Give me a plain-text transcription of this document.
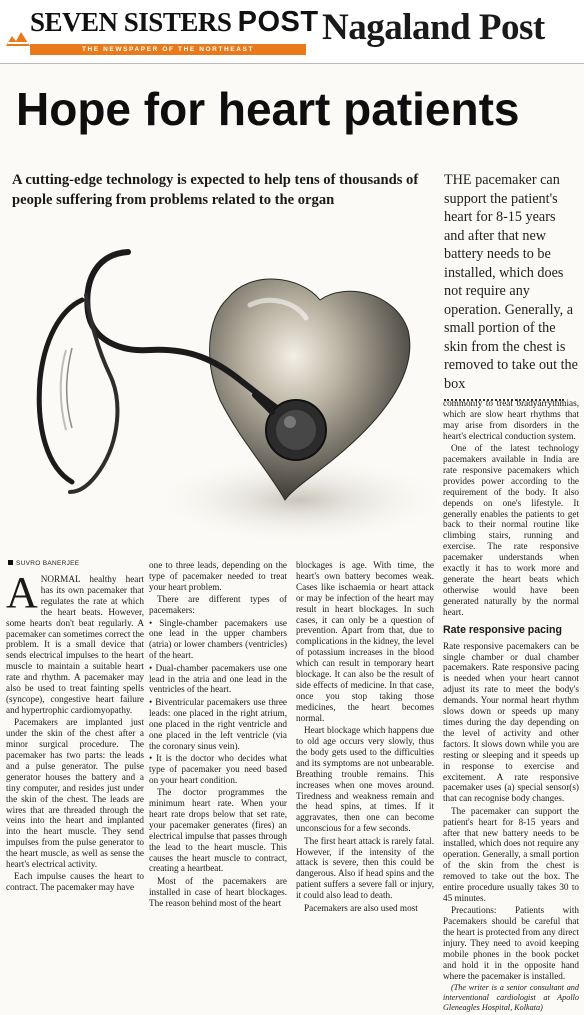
SEVEN SISTERS POST
THE NEWSPAPER OF THE NORTHEAST
Nagaland Post
Hope for heart patients
A cutting-edge technology is expected to help tens of thousands of people suffering from problems related to the organ
THE pacemaker can support the patient's heart for 8-15 years and after that new battery needs to be installed, which does not require any operation. Generally, a small portion of the skin from the chest is removed to take out the box
SUVRO BANERJEE

ANORMAL healthy heart has its own pacemaker that regulates the rate at which the heart beats. However, some hearts don't beat regularly. A pacemaker can sometimes correct the problem. It is a small device that sends electrical impulses to the heart muscle to maintain a suitable heart rate and rhythm. A pacemaker may also be used to treat fainting spells (syncope), congestive heart failure and hypertrophic cardiomyopathy.

Pacemakers are implanted just under the skin of the chest after a minor surgical procedure. The pacemaker has two parts: the leads and a pulse generator. The pulse generator houses the battery and a tiny computer, and resides just under the skin of the chest. The leads are wires that are threaded through the veins into the heart and implanted into the heart muscle. They send impulses from the pulse generator to the heart muscle, as well as sense the heart's electrical activity.

Each impulse causes the heart to contract. The pacemaker may have

one to three leads, depending on the type of pacemaker needed to treat your heart problem.

There are different types of pacemakers:

• Single-chamber pacemakers use one lead in the upper chambers (atria) or lower chambers (ventricles) of the heart.

• Dual-chamber pacemakers use one lead in the atria and one lead in the ventricles of the heart.

• Biventricular pacemakers use three leads: one placed in the right atrium, one placed in the right ventricle and one placed in the left ventricle (via the coronary sinus vein).

• It is the doctor who decides what type of pacemaker you need based on your heart condition.

The doctor programmes the minimum heart rate. When your heart rate drops below that set rate, your pacemaker generates (fires) an electrical impulse that passes through the lead to the heart muscle. This causes the heart muscle to contract, creating a heartbeat.

Most of the pacemakers are installed in case of heart blockages. The reason behind most of the heart

blockages is age. With time, the heart's own battery becomes weak. Cases like ischaemia or heart attack or may be infection of the heart may result in heart blockages. In such cases, it can only be a question of prevention. Apart from that, due to complications in the kidney, the level of potassium increases in the blood which can result in temporary heart blockage. It can also be the result of side effects of medicine. In that case, once you stop taking those medicines, the heart becomes normal.

Heart blockage which happens due to old age occurs very slowly, thus the body gets used to the difficulties and its symptoms are not unbearable. Breathing trouble remains. This increases when one moves around. Tiredness and weakness remain and the head spins, at times. If it aggravates, then one can become unconscious for a few seconds.

The first heart attack is rarely fatal. However, if the intensity of the attack is severe, then this could be dangerous. Also if head spins and the patient suffers a severe fall or injury, it could also lead to death.

Pacemakers are also used most

commonly to treat bradyarrythmias, which are slow heart rhythms that may arise from disorders in the heart's electrical conduction system.

One of the latest technology pacemakers available in India are rate responsive pacemakers which provides power according to the requirement of the body. It also depends on one's lifestyle. It generally enables the patients to get back to their normal routine like climbing stairs, running and exercise. The rate responsive pacemaker understands when exactly it has to work more and generate the heart beats which otherwise would have been generated naturally by the normal heart.

Rate responsive pacing

Rate responsive pacemakers can be single chamber or dual chamber pacemakers. Rate responsive pacing is needed when your heart cannot adjust its rate to meet the body's demands. Your normal heart rhythm slows down or speeds up many times during the day depending on the level of activity and other factors. It slows down while you are resting or sleeping and it speeds up in response to exercise and excitement. A rate responsive pacemaker uses (a) special sensor(s) that can recognise body changes.

The pacemaker can support the patient's heart for 8-15 years and after that new battery needs to be installed, which does not require any operation. Generally, a small portion of the skin from the chest is removed to take out the box. The entire procedure usually takes 30 to 45 minutes.

Precautions: Patients with Pacemakers should be careful that the heart is protected from any direct injury. They need to avoid keeping mobile phones in the book pocket and hold it in the opposite hand where the pacemaker is installed.

(The writer is a senior consultant and interventional cardiologist at Apollo Gleneagles Hospital, Kolkata)
